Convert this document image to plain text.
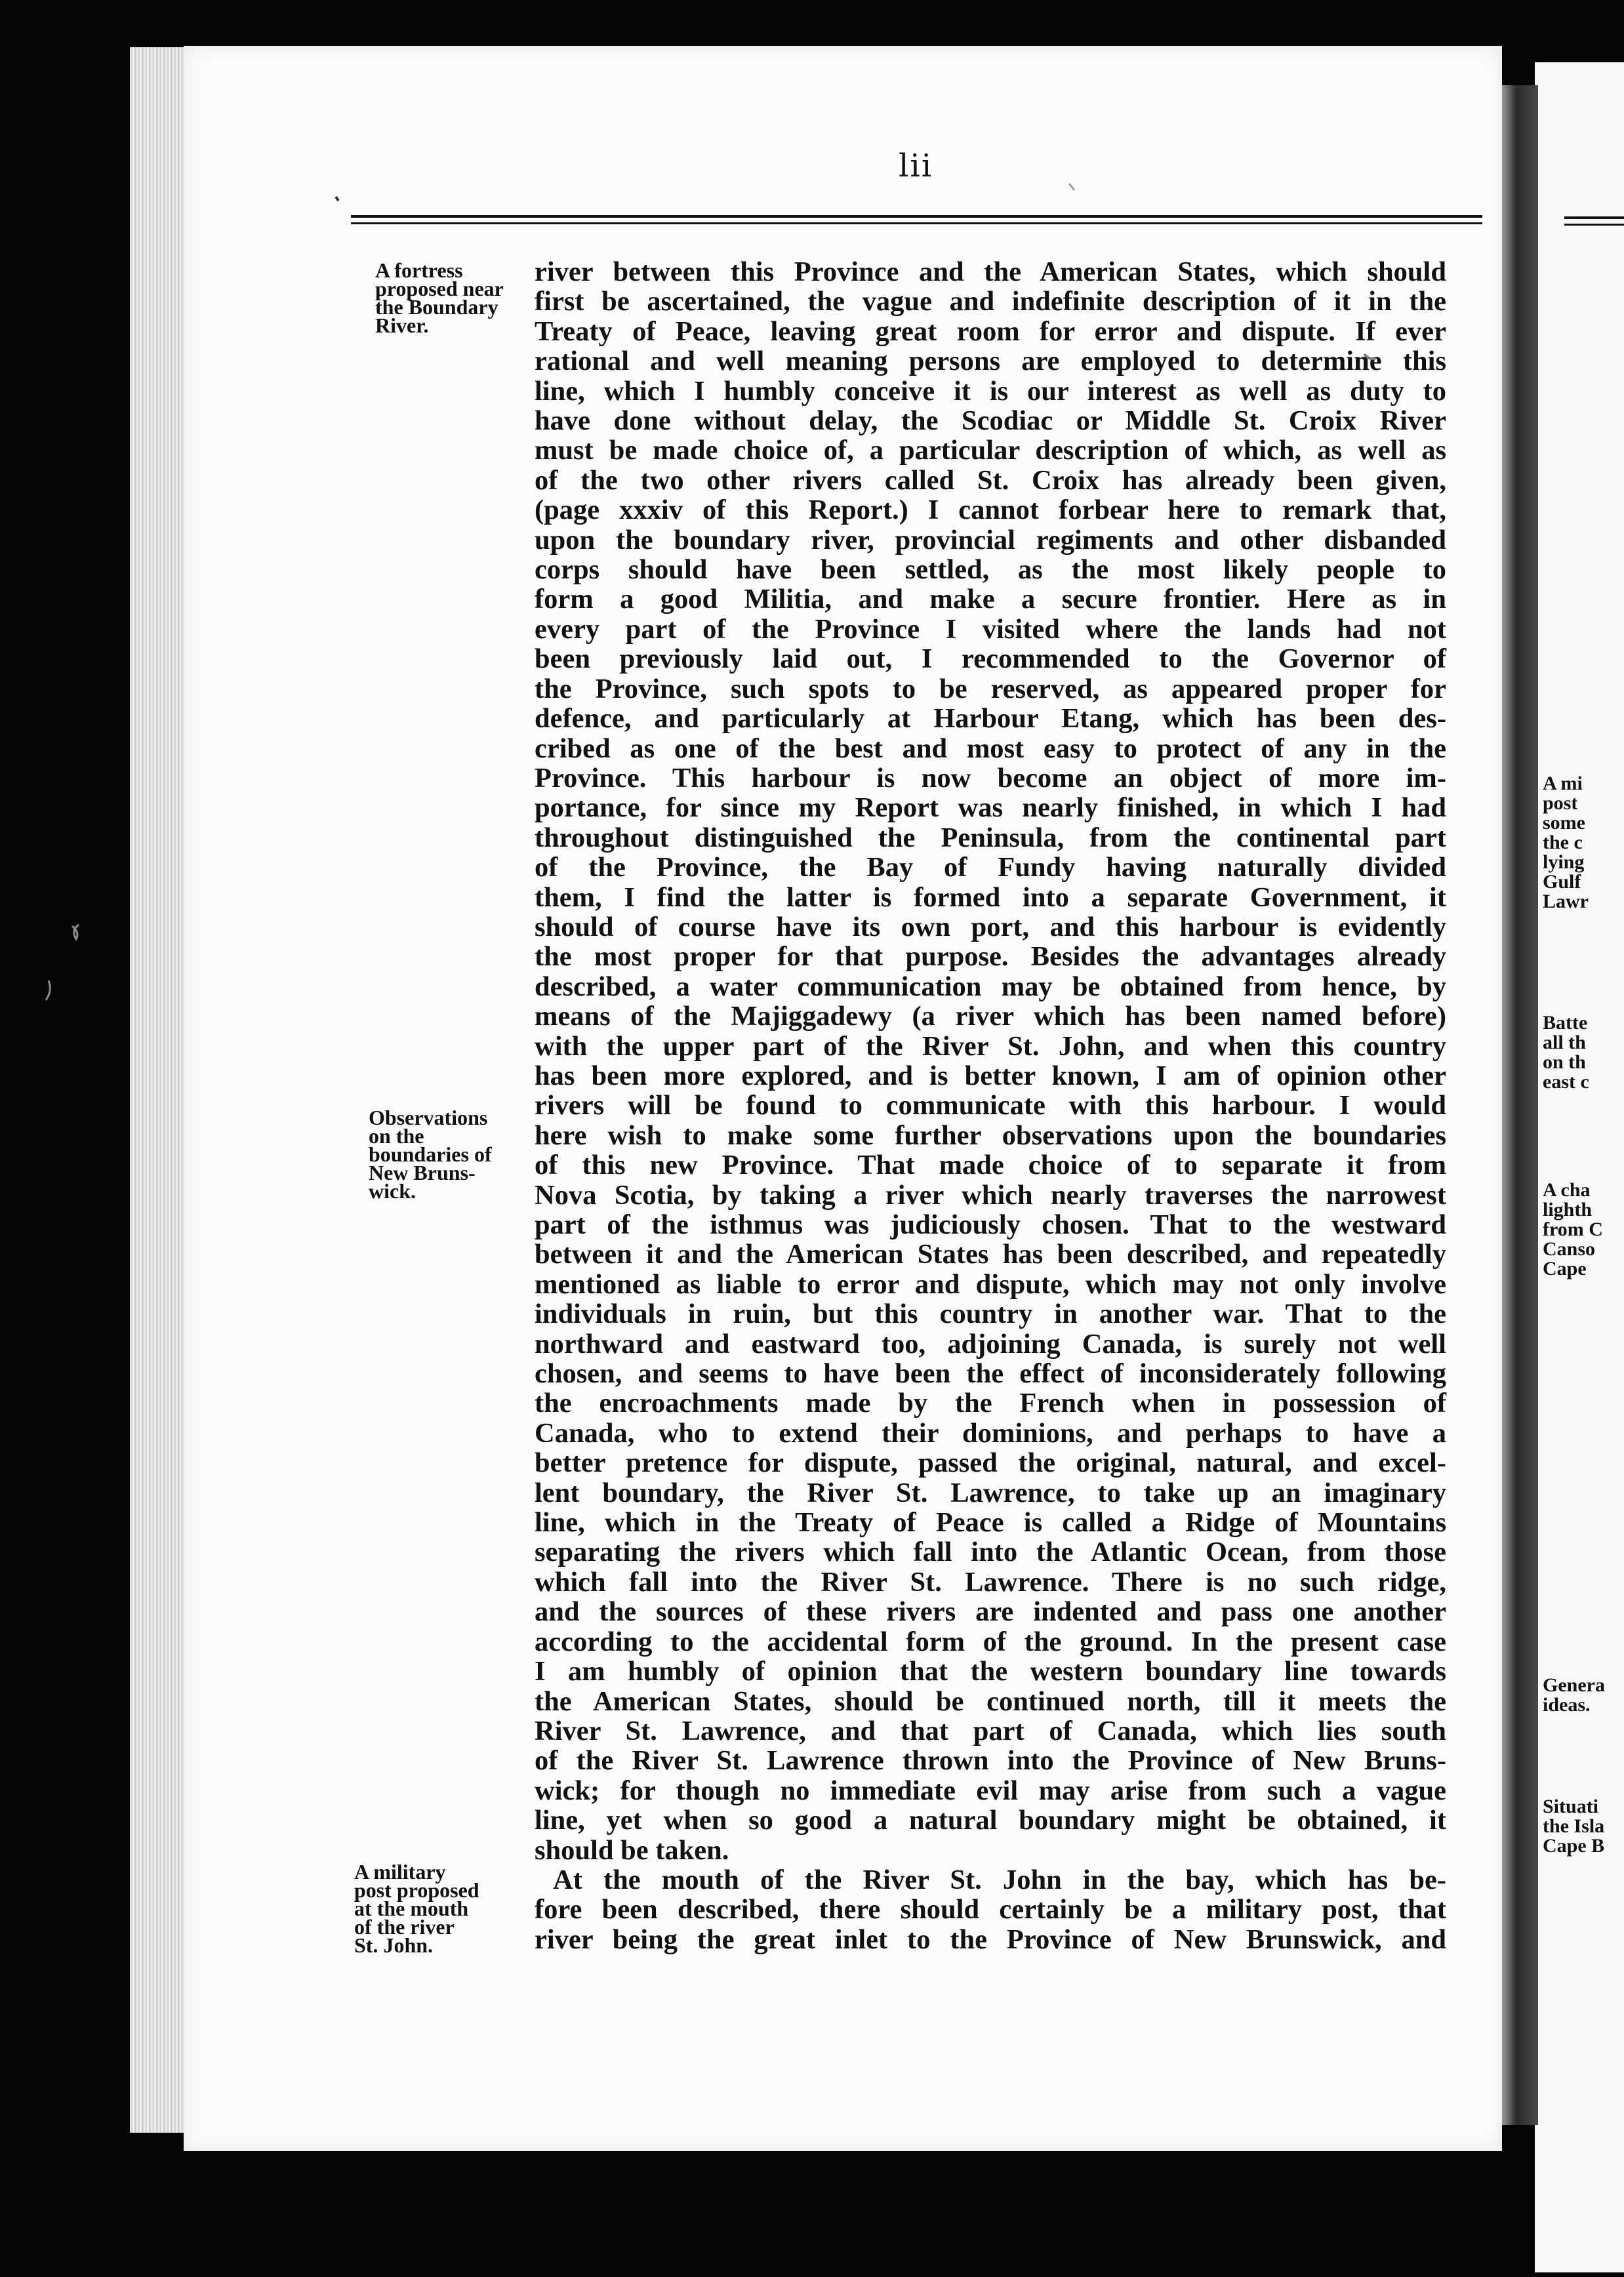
lii
A fortress
proposed near
the Boundary
River.
Observations
on the
boundaries of
New Bruns-
wick.
A military
post proposed
at the mouth
of the river
St. John.
river between this Province and the American States, which should
first be ascertained, the vague and indefinite description of it in the
Treaty of Peace, leaving great room for error and dispute. If ever
rational and well meaning persons are employed to determine this
line, which I humbly conceive it is our interest as well as duty to
have done without delay, the Scodiac or Middle St. Croix River
must be made choice of, a particular description of which, as well as
of the two other rivers called St. Croix has already been given,
(page xxxiv of this Report.) I cannot forbear here to remark that,
upon the boundary river, provincial regiments and other disbanded
corps should have been settled, as the most likely people to
form a good Militia, and make a secure frontier. Here as in
every part of the Province I visited where the lands had not
been previously laid out, I recommended to the Governor of
the Province, such spots to be reserved, as appeared proper for
defence, and particularly at Harbour Etang, which has been des-
cribed as one of the best and most easy to protect of any in the
Province. This harbour is now become an object of more im-
portance, for since my Report was nearly finished, in which I had
throughout distinguished the Peninsula, from the continental part
of the Province, the Bay of Fundy having naturally divided
them, I find the latter is formed into a separate Government, it
should of course have its own port, and this harbour is evidently
the most proper for that purpose. Besides the advantages already
described, a water communication may be obtained from hence, by
means of the Majiggadewy (a river which has been named before)
with the upper part of the River St. John, and when this country
has been more explored, and is better known, I am of opinion other
rivers will be found to communicate with this harbour. I would
here wish to make some further observations upon the boundaries
of this new Province. That made choice of to separate it from
Nova Scotia, by taking a river which nearly traverses the narrowest
part of the isthmus was judiciously chosen. That to the westward
between it and the American States has been described, and repeatedly
mentioned as liable to error and dispute, which may not only involve
individuals in ruin, but this country in another war. That to the
northward and eastward too, adjoining Canada, is surely not well
chosen, and seems to have been the effect of inconsiderately following
the encroachments made by the French when in possession of
Canada, who to extend their dominions, and perhaps to have a
better pretence for dispute, passed the original, natural, and excel-
lent boundary, the River St. Lawrence, to take up an imaginary
line, which in the Treaty of Peace is called a Ridge of Mountains
separating the rivers which fall into the Atlantic Ocean, from those
which fall into the River St. Lawrence. There is no such ridge,
and the sources of these rivers are indented and pass one another
according to the accidental form of the ground. In the present case
I am humbly of opinion that the western boundary line towards
the American States, should be continued north, till it meets the
River St. Lawrence, and that part of Canada, which lies south
of the River St. Lawrence thrown into the Province of New Bruns-
wick; for though no immediate evil may arise from such a vague
line, yet when so good a natural boundary might be obtained, it
should be taken.
At the mouth of the River St. John in the bay, which has be-
fore been described, there should certainly be a military post, that
river being the great inlet to the Province of New Brunswick, and
A mi
post
some
the c
lying
Gulf
Lawr
Batte
all th
on th
east c
A cha
lighth
from C
Canso
Cape
Genera
ideas.
Situati
the Isla
Cape B
